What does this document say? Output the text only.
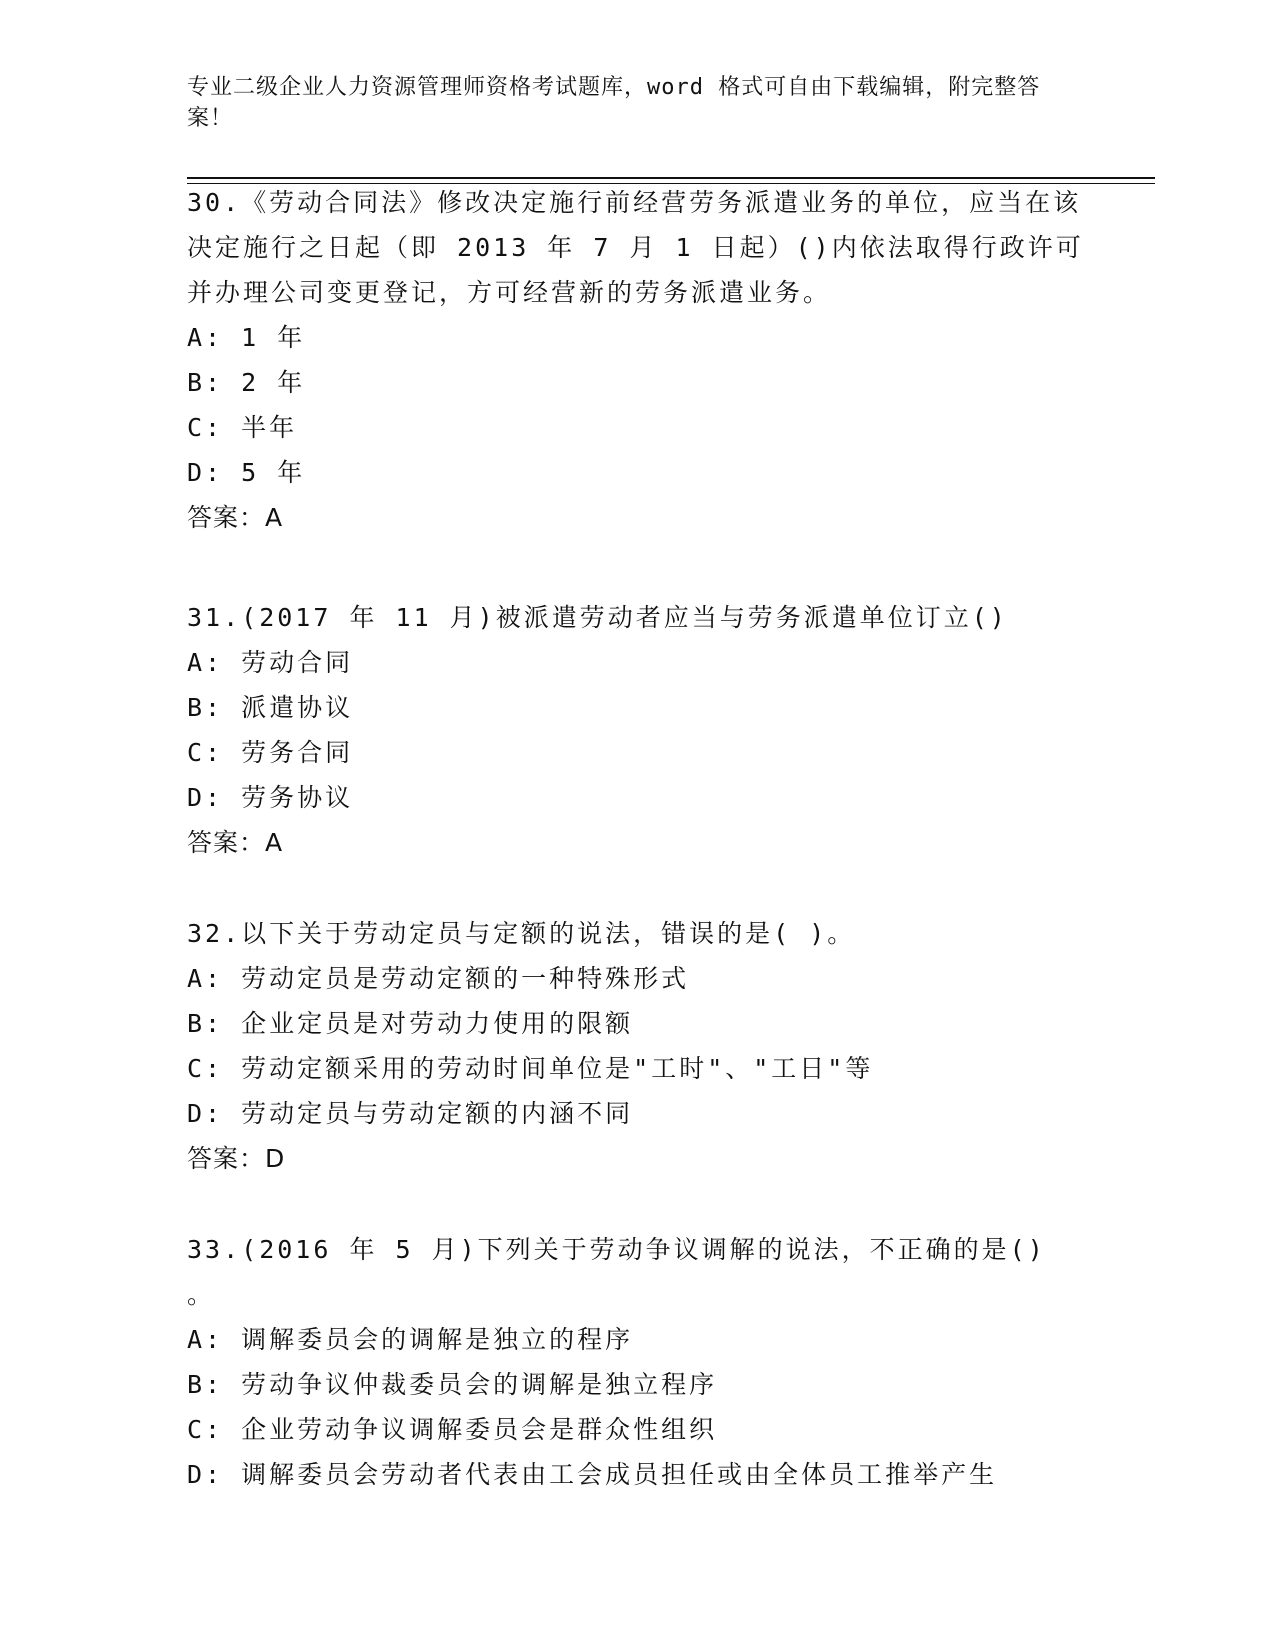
专业二级企业人力资源管理师资格考试题库，word 格式可自由下载编辑，附完整答案！
30.《劳动合同法》修改决定施行前经营劳务派遣业务的单位，应当在该决定施行之日起（即 2013 年 7 月 1 日起）()内依法取得行政许可并办理公司变更登记，方可经营新的劳务派遣业务。
A: 1 年
B: 2 年
C: 半年
D: 5 年
答案：A
31.(2017 年 11 月)被派遣劳动者应当与劳务派遣单位订立()
A: 劳动合同
B: 派遣协议
C: 劳务合同
D: 劳务协议
答案：A
32.以下关于劳动定员与定额的说法，错误的是( )。
A: 劳动定员是劳动定额的一种特殊形式
B: 企业定员是对劳动力使用的限额
C: 劳动定额采用的劳动时间单位是"工时"、"工日"等
D: 劳动定员与劳动定额的内涵不同
答案：D
33.(2016 年 5 月)下列关于劳动争议调解的说法，不正确的是() 。
A: 调解委员会的调解是独立的程序
B: 劳动争议仲裁委员会的调解是独立程序
C: 企业劳动争议调解委员会是群众性组织
D: 调解委员会劳动者代表由工会成员担任或由全体员工推举产生
